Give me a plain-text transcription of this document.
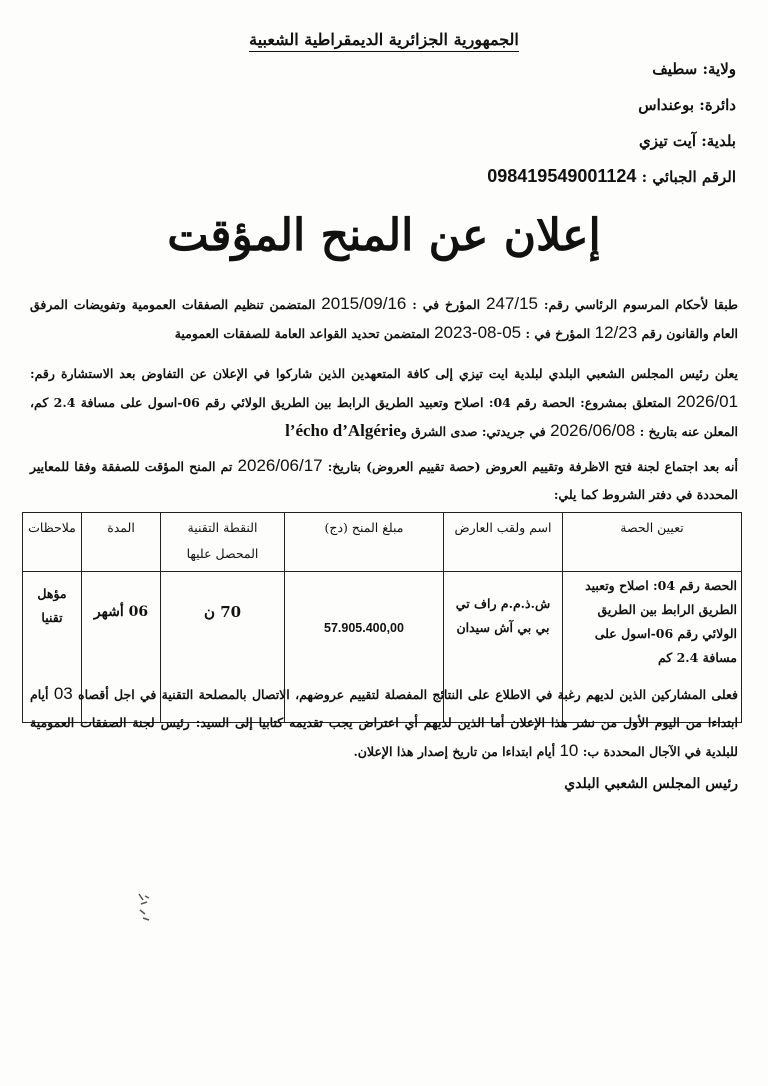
الجمهورية الجزائرية الديمقراطية الشعبية
ولاية: سطيف
دائرة: بوعنداس
بلدية: آيت تيزي
الرقم الجبائي : 098419549001124
إعلان عن المنح المؤقت
طبقا لأحكام المرسوم الرئاسي رقم: 247/15 المؤرخ في : 2015/09/16 المتضمن تنظيم الصفقات العمومية وتفويضات المرفق العام والقانون رقم 12/23 المؤرخ في : 05-08-2023 المتضمن تحديد القواعد العامة للصفقات العمومية
يعلن رئيس المجلس الشعبي البلدي لبلدية ايت تيزي إلى كافة المتعهدين الذين شاركوا في الإعلان عن التفاوض بعد الاستشارة رقم: 2026/01 المتعلق بمشروع: الحصة رقم 04: اصلاح وتعبيد الطريق الرابط بين الطريق الولائي رقم 06-اسول على مسافة 2.4 كم، المعلن عنه بتاريخ : 2026/06/08 في جريدتي: صدى الشرق وl’écho d’Algérie
أنه بعد اجتماع لجنة فتح الاظرفة وتقييم العروض (حصة تقييم العروض) بتاريخ: 2026/06/17 تم المنح المؤقت للصفقة وفقا للمعايير المحددة في دفتر الشروط كما يلي:
تعيين الحصة	اسم ولقب العارض	مبلغ المنح (دج)	النقطة التقنية المحصل عليها	المدة	ملاحظات
الحصة رقم 04: اصلاح وتعبيد الطريق الرابط بين الطريق الولائي رقم 06-اسول على مسافة 2.4 كم	ش.ذ.م.م راف تي بي بي آش سيدان	57.905.400,00	70 ن	06 أشهر	مؤهل تقنيا
فعلى المشاركين الذين لديهم رغبة في الاطلاع على النتائج المفصلة لتقييم عروضهم، الاتصال بالمصلحة التقنية في اجل أقصاه 03 أيام ابتداءا من اليوم الأول من نشر هذا الإعلان أما الذين لديهم أي اعتراض يجب تقديمه كتابيا إلى السيد: رئيس لجنة الصفقات العمومية للبلدية في الآجال المحددة ب: 10 أيام ابتداءا من تاريخ إصدار هذا الإعلان.
رئيس المجلس الشعبي البلدي
